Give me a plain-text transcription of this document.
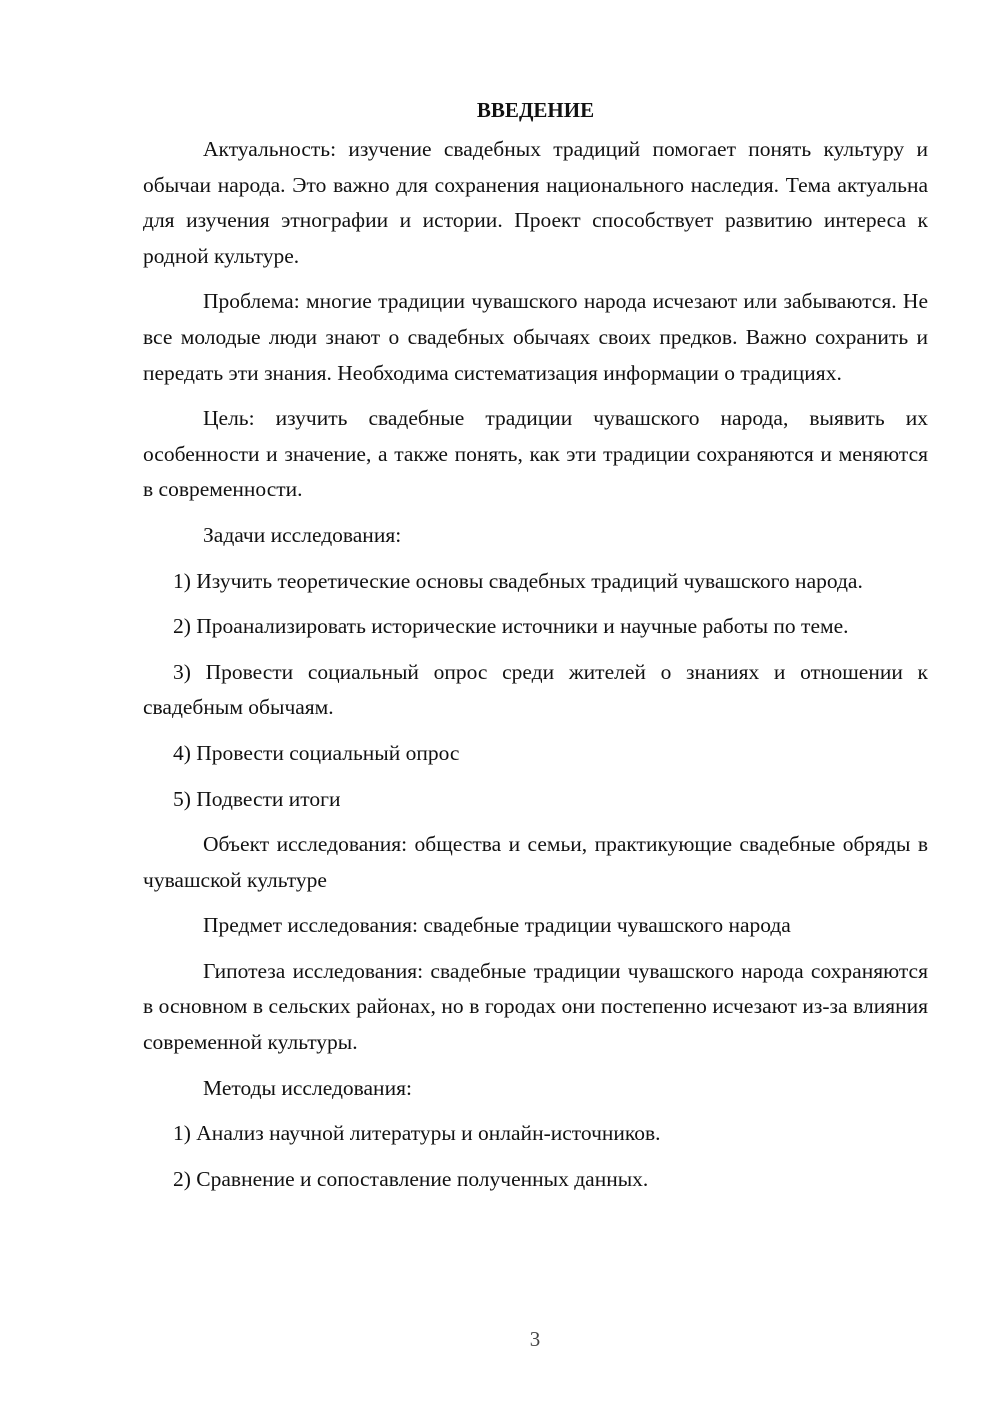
ВВЕДЕНИЕ

Актуальность: изучение свадебных традиций помогает понять культуру и обычаи народа. Это важно для сохранения национального наследия. Тема актуальна для изучения этнографии и истории. Проект способствует развитию интереса к родной культуре.

Проблема: многие традиции чувашского народа исчезают или забываются. Не все молодые люди знают о свадебных обычаях своих предков. Важно сохранить и передать эти знания. Необходима систематизация информации о традициях.

Цель: изучить свадебные традиции чувашского народа, выявить их особенности и значение, а также понять, как эти традиции сохраняются и меняются в современности.

Задачи исследования:

1) Изучить теоретические основы свадебных традиций чувашского народа.

2) Проанализировать исторические источники и научные работы по теме.

3) Провести социальный опрос среди жителей о знаниях и отношении к свадебным обычаям.

4) Провести социальный опрос

5) Подвести итоги

Объект исследования: общества и семьи, практикующие свадебные обряды в чувашской культуре

Предмет исследования: свадебные традиции чувашского народа

Гипотеза исследования: свадебные традиции чувашского народа сохраняются в основном в сельских районах, но в городах они постепенно исчезают из-за влияния современной культуры.

Методы исследования:

1) Анализ научной литературы и онлайн-источников.

2) Сравнение и сопоставление полученных данных.

3
